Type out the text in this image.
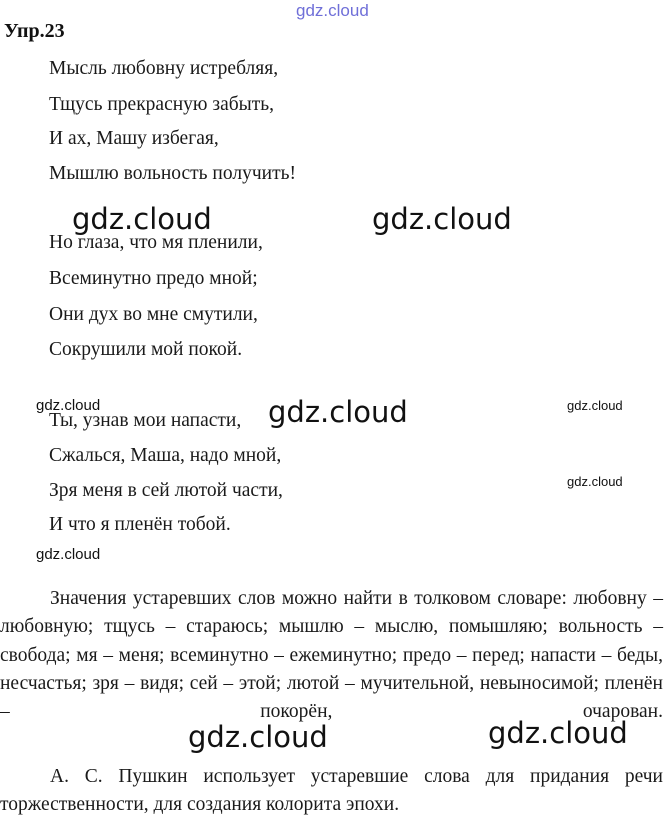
gdz.cloud
Упр.23
Мысль любовну истребляя,
Тщусь прекрасную забыть,
И ах, Машу избегая,
Мышлю вольность получить!
Но глаза, что мя пленили,
Всеминутно предо мной;
Они дух во мне смутили,
Сокрушили мой покой.
Ты, узнав мои напасти,
Сжалься, Маша, надо мной,
Зря меня в сей лютой части,
И что я пленён тобой.
Значения устаревших слов можно найти в толковом словаре: любовну – любовную; тщусь – стараюсь; мышлю – мыслю, помышляю; вольность – свобода; мя – меня; всеминутно – ежеминутно; предо – перед; напасти – беды, несчастья; зря – видя; сей – этой; лютой – мучительной, невыносимой; пленён – покорён, очарован.
А. С. Пушкин использует устаревшие слова для придания речи торжественности, для создания колорита эпохи.
gdz.cloud	gdz.cloud
gdz.cloud
gdz.cloud	gdz.cloud
gdz.cloud	gdz.cloud
gdz.cloud
gdz.cloud
